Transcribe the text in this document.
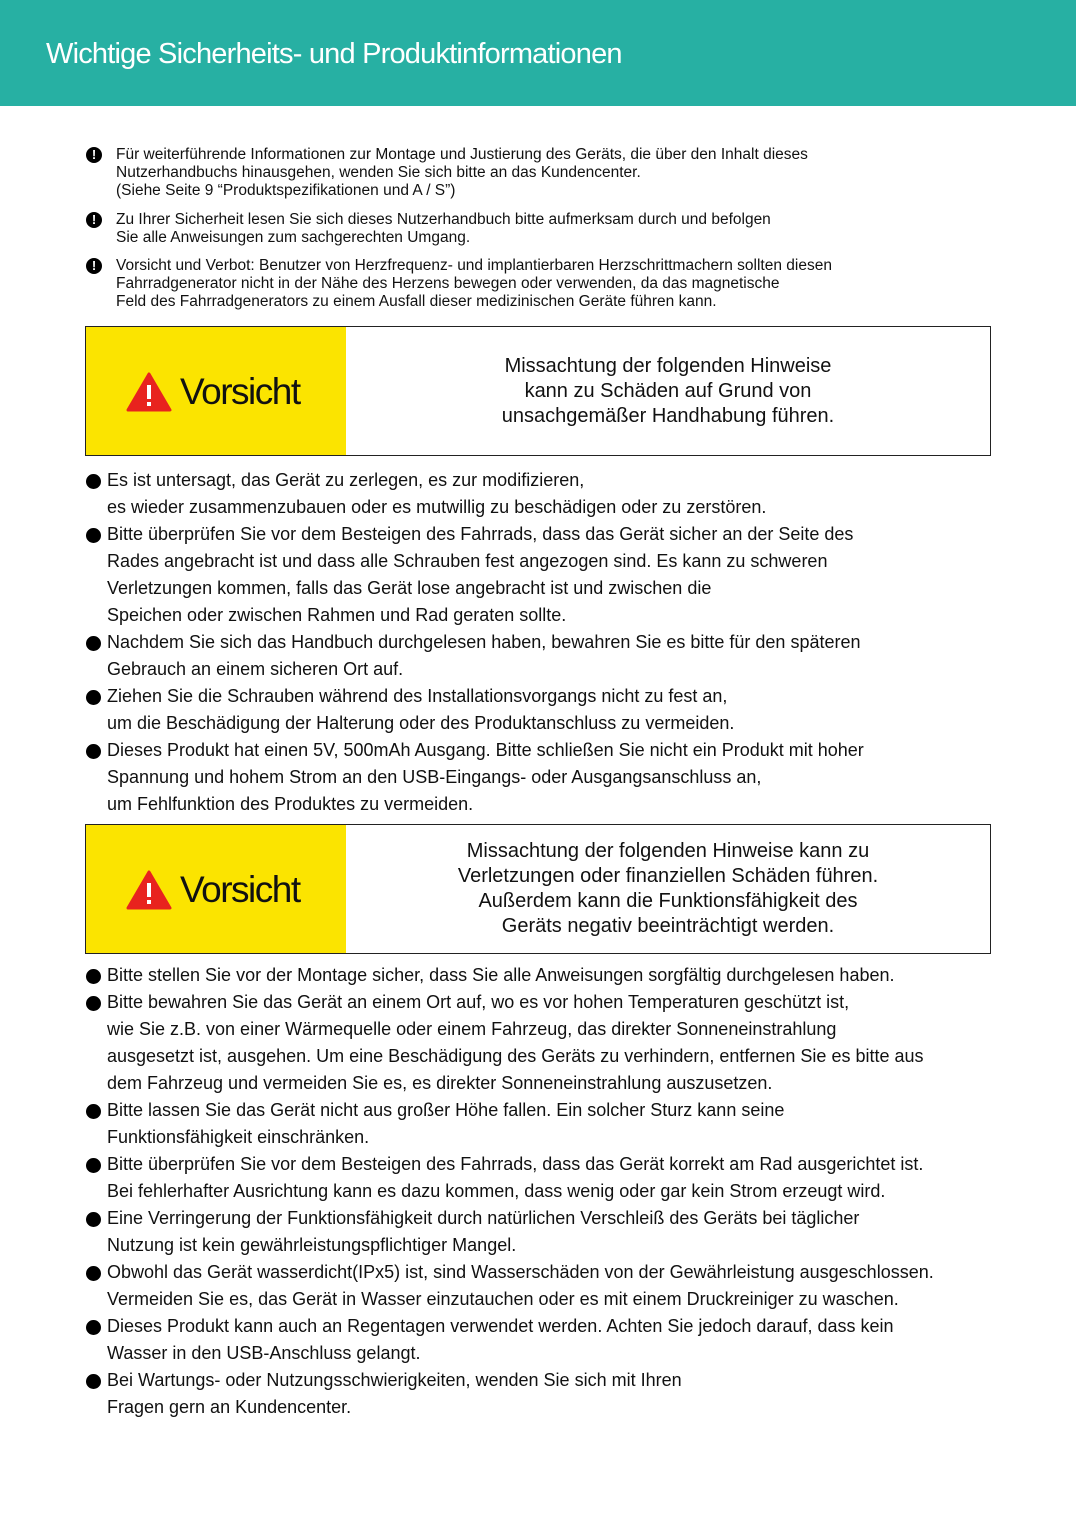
Wichtige Sicherheits- und Produktinformationen
!	Für weiterführende Informationen zur Montage und Justierung des Geräts, die über den Inhalt dieses
Nutzerhandbuchs hinausgehen, wenden Sie sich bitte an das Kundencenter.
(Siehe Seite 9 “Produktspezifikationen und A / S”)
!	Zu Ihrer Sicherheit lesen Sie sich dieses Nutzerhandbuch bitte aufmerksam durch und befolgen
Sie alle Anweisungen zum sachgerechten Umgang.
!	Vorsicht und Verbot: Benutzer von Herzfrequenz- und implantierbaren Herzschrittmachern sollten diesen
Fahrradgenerator nicht in der Nähe des Herzens bewegen oder verwenden, da das magnetische
Feld des Fahrradgenerators zu einem Ausfall dieser medizinischen Geräte führen kann.
Vorsicht
Missachtung der folgenden Hinweise
kann zu Schäden auf Grund von
unsachgemäßer Handhabung führen.
Es ist untersagt, das Gerät zu zerlegen, es zur modifizieren,
es wieder zusammenzubauen oder es mutwillig zu beschädigen oder zu zerstören.
Bitte überprüfen Sie vor dem Besteigen des Fahrrads, dass das Gerät sicher an der Seite des
Rades angebracht ist und dass alle Schrauben fest angezogen sind. Es kann zu schweren
Verletzungen kommen, falls das Gerät lose angebracht ist und zwischen die
Speichen oder zwischen Rahmen und Rad geraten sollte.
Nachdem Sie sich das Handbuch durchgelesen haben, bewahren Sie es bitte für den späteren
Gebrauch an einem sicheren Ort auf.
Ziehen Sie die Schrauben während des Installationsvorgangs nicht zu fest an,
um die Beschädigung der Halterung oder des Produktanschluss zu vermeiden.
Dieses Produkt hat einen 5V, 500mAh Ausgang. Bitte schließen Sie nicht ein Produkt mit hoher
Spannung und hohem Strom an den USB-Eingangs- oder Ausgangsanschluss an,
um Fehlfunktion des Produktes zu vermeiden.
Vorsicht
Missachtung der folgenden Hinweise kann zu
Verletzungen oder finanziellen Schäden führen.
Außerdem kann die Funktionsfähigkeit des
Geräts negativ beeinträchtigt werden.
Bitte stellen Sie vor der Montage sicher, dass Sie alle Anweisungen sorgfältig durchgelesen haben.
Bitte bewahren Sie das Gerät an einem Ort auf, wo es vor hohen Temperaturen geschützt ist,
wie Sie z.B. von einer Wärmequelle oder einem Fahrzeug, das direkter Sonneneinstrahlung
ausgesetzt ist, ausgehen. Um eine Beschädigung des Geräts zu verhindern, entfernen Sie es bitte aus
dem Fahrzeug und vermeiden Sie es, es direkter Sonneneinstrahlung auszusetzen.
Bitte lassen Sie das Gerät nicht aus großer Höhe fallen. Ein solcher Sturz kann seine
Funktionsfähigkeit einschränken.
Bitte überprüfen Sie vor dem Besteigen des Fahrrads, dass das Gerät korrekt am Rad ausgerichtet ist.
Bei fehlerhafter Ausrichtung kann es dazu kommen, dass wenig oder gar kein Strom erzeugt wird.
Eine Verringerung der Funktionsfähigkeit durch natürlichen Verschleiß des Geräts bei täglicher
Nutzung ist kein gewährleistungspflichtiger Mangel.
Obwohl das Gerät wasserdicht(IPx5) ist, sind Wasserschäden von der Gewährleistung ausgeschlossen.
Vermeiden Sie es, das Gerät in Wasser einzutauchen oder es mit einem Druckreiniger zu waschen.
Dieses Produkt kann auch an Regentagen verwendet werden. Achten Sie jedoch darauf, dass kein
Wasser in den USB-Anschluss gelangt.
Bei Wartungs- oder Nutzungsschwierigkeiten, wenden Sie sich mit Ihren
Fragen gern an Kundencenter.
